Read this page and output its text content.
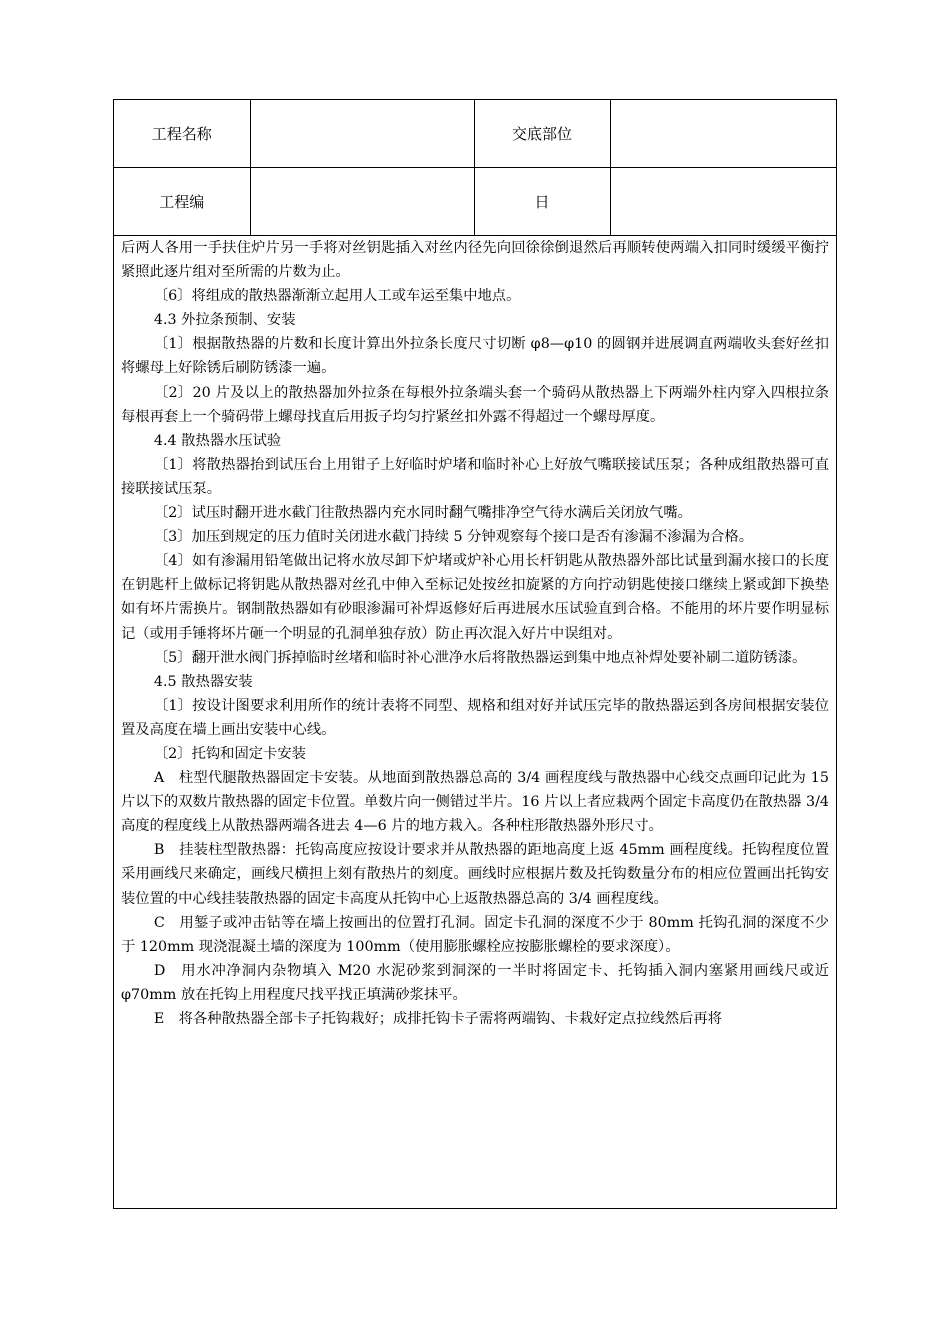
工程名称		交底部位	
工程编		日	

后两人各用一手扶住炉片另一手将对丝钥匙插入对丝内径先向回徐徐倒退然后再顺转使两端入扣同时缓缓平衡拧紧照此逐片组对至所需的片数为止。

〔6〕将组成的散热器渐渐立起用人工或车运至集中地点。

4.3 外拉条预制、安装

〔1〕根据散热器的片数和长度计算出外拉条长度尺寸切断 φ8—φ10 的圆钢并进展调直两端收头套好丝扣将螺母上好除锈后刷防锈漆一遍。

〔2〕20 片及以上的散热器加外拉条在每根外拉条端头套一个骑码从散热器上下两端外柱内穿入四根拉条每根再套上一个骑码带上螺母找直后用扳子均匀拧紧丝扣外露不得超过一个螺母厚度。

4.4 散热器水压试验

〔1〕将散热器抬到试压台上用钳子上好临时炉堵和临时补心上好放气嘴联接试压泵；各种成组散热器可直接联接试压泵。

〔2〕试压时翻开进水截门往散热器内充水同时翻气嘴排净空气待水满后关闭放气嘴。

〔3〕加压到规定的压力值时关闭进水截门持续 5 分钟观察每个接口是否有渗漏不渗漏为合格。

〔4〕如有渗漏用铅笔做出记将水放尽卸下炉堵或炉补心用长杆钥匙从散热器外部比试量到漏水接口的长度在钥匙杆上做标记将钥匙从散热器对丝孔中伸入至标记处按丝扣旋紧的方向拧动钥匙使接口继续上紧或卸下换垫如有坏片需换片。钢制散热器如有砂眼渗漏可补焊返修好后再进展水压试验直到合格。不能用的坏片要作明显标记（或用手锤将坏片砸一个明显的孔洞单独存放）防止再次混入好片中误组对。

〔5〕翻开泄水阀门拆掉临时丝堵和临时补心泄净水后将散热器运到集中地点补焊处要补刷二道防锈漆。

4.5 散热器安装

〔1〕按设计图要求利用所作的统计表将不同型、规格和组对好并试压完毕的散热器运到各房间根据安装位置及高度在墙上画出安装中心线。

〔2〕托钩和固定卡安装

A　柱型代腿散热器固定卡安装。从地面到散热器总高的 3/4 画程度线与散热器中心线交点画印记此为 15 片以下的双数片散热器的固定卡位置。单数片向一侧错过半片。16 片以上者应栽两个固定卡高度仍在散热器 3/4 高度的程度线上从散热器两端各进去 4—6 片的地方栽入。各种柱形散热器外形尺寸。

B　挂装柱型散热器：托钩高度应按设计要求并从散热器的距地高度上返 45mm 画程度线。托钩程度位置采用画线尺来确定，画线尺横担上刻有散热片的刻度。画线时应根据片数及托钩数量分布的相应位置画出托钩安装位置的中心线挂装散热器的固定卡高度从托钩中心上返散热器总高的 3/4 画程度线。

C　用錾子或冲击钻等在墙上按画出的位置打孔洞。固定卡孔洞的深度不少于 80mm 托钩孔洞的深度不少于 120mm 现浇混凝土墙的深度为 100mm（使用膨胀螺栓应按膨胀螺栓的要求深度）。

D　用水冲净洞内杂物填入 M20 水泥砂浆到洞深的一半时将固定卡、托钩插入洞内塞紧用画线尺或近 φ70mm 放在托钩上用程度尺找平找正填满砂浆抹平。

E　将各种散热器全部卡子托钩栽好；成排托钩卡子需将两端钩、卡栽好定点拉线然后再将
